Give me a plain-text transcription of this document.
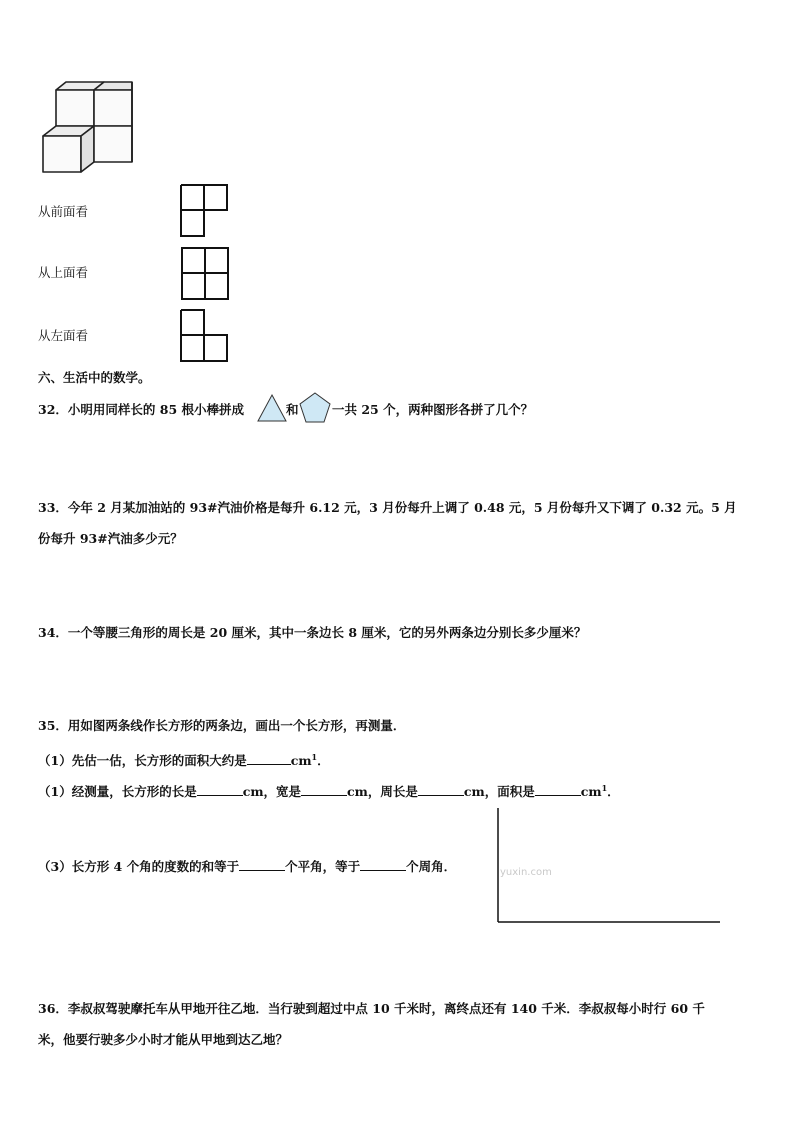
从前面看
从上面看
从左面看
六、生活中的数学。
32．小明用同样长的 85 根小棒拼成	和	一共 25 个，两种图形各拼了几个？
33．今年 2 月某加油站的 93#汽油价格是每升 6.12 元，3 月份每升上调了 0.48 元，5 月份每升又下调了 0.32 元。5 月
份每升 93#汽油多少元？
34．一个等腰三角形的周长是 20 厘米，其中一条边长 8 厘米，它的另外两条边分别长多少厘米？
35．用如图两条线作长方形的两条边，画出一个长方形，再测量．
（1）先估一估，长方形的面积大约是	$cm^1$．
（1）经测量，长方形的长是	cm，宽是	cm，周长是	cm，面积是	$cm^1$．
（3）长方形 4 个角的度数的和等于	个平角，等于	个周角．	yuxin.com
36．李叔叔驾驶摩托车从甲地开往乙地．当行驶到超过中点 10 千米时，离终点还有 140 千米．李叔叔每小时行 60 千
米，他要行驶多少小时才能从甲地到达乙地？
